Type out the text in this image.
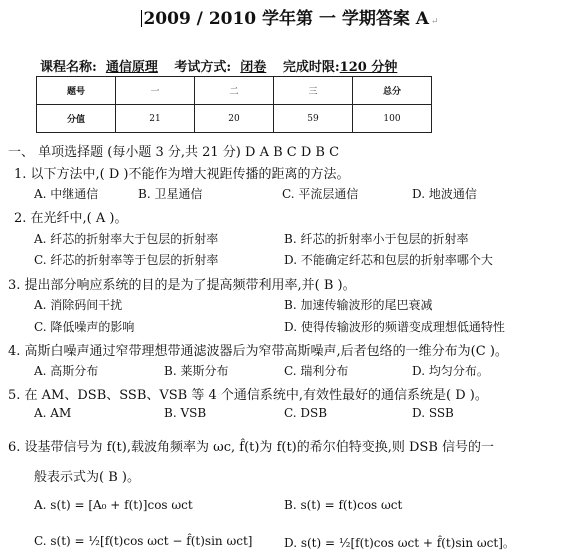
2009 / 2010 学年第 一 学期答案 A ↵
课程名称: 通信原理 考试方式: 闭卷 完成时限:120 分钟
题号	一	二	三	总分
分值	21	20	59	100
一、 单项选择题 (每小题 3 分,共 21 分) D A B C D B C
1. 以下方法中,( D )不能作为增大视距传播的距离的方法。
A. 中继通信	B. 卫星通信	C. 平流层通信	D. 地波通信
2. 在光纤中,( A )。
A. 纤芯的折射率大于包层的折射率	B. 纤芯的折射率小于包层的折射率
C. 纤芯的折射率等于包层的折射率	D. 不能确定纤芯和包层的折射率哪个大
3. 提出部分响应系统的目的是为了提高频带利用率,并( B )。
A. 消除码间干扰	B. 加速传输波形的尾巴衰减
C. 降低噪声的影响	D. 使得传输波形的频谱变成理想低通特性
4. 高斯白噪声通过窄带理想带通滤波器后为窄带高斯噪声,后者包络的一维分布为(C )。
A. 高斯分布	B. 莱斯分布	C. 瑞利分布	D. 均匀分布。
5. 在 AM、DSB、SSB、VSB 等 4 个通信系统中,有效性最好的通信系统是( D )。
A. AM	B. VSB	C. DSB	D. SSB
6. 设基带信号为 f(t),载波角频率为 ωc, f̂(t)为 f(t)的希尔伯特变换,则 DSB 信号的一
般表示式为( B )。
A. s(t) = [A₀ + f(t)]cos ωct	B. s(t) = f(t)cos ωct
C. s(t) = ½[f(t)cos ωct − f̂(t)sin ωct]	D. s(t) = ½[f(t)cos ωct + f̂(t)sin ωct]。
